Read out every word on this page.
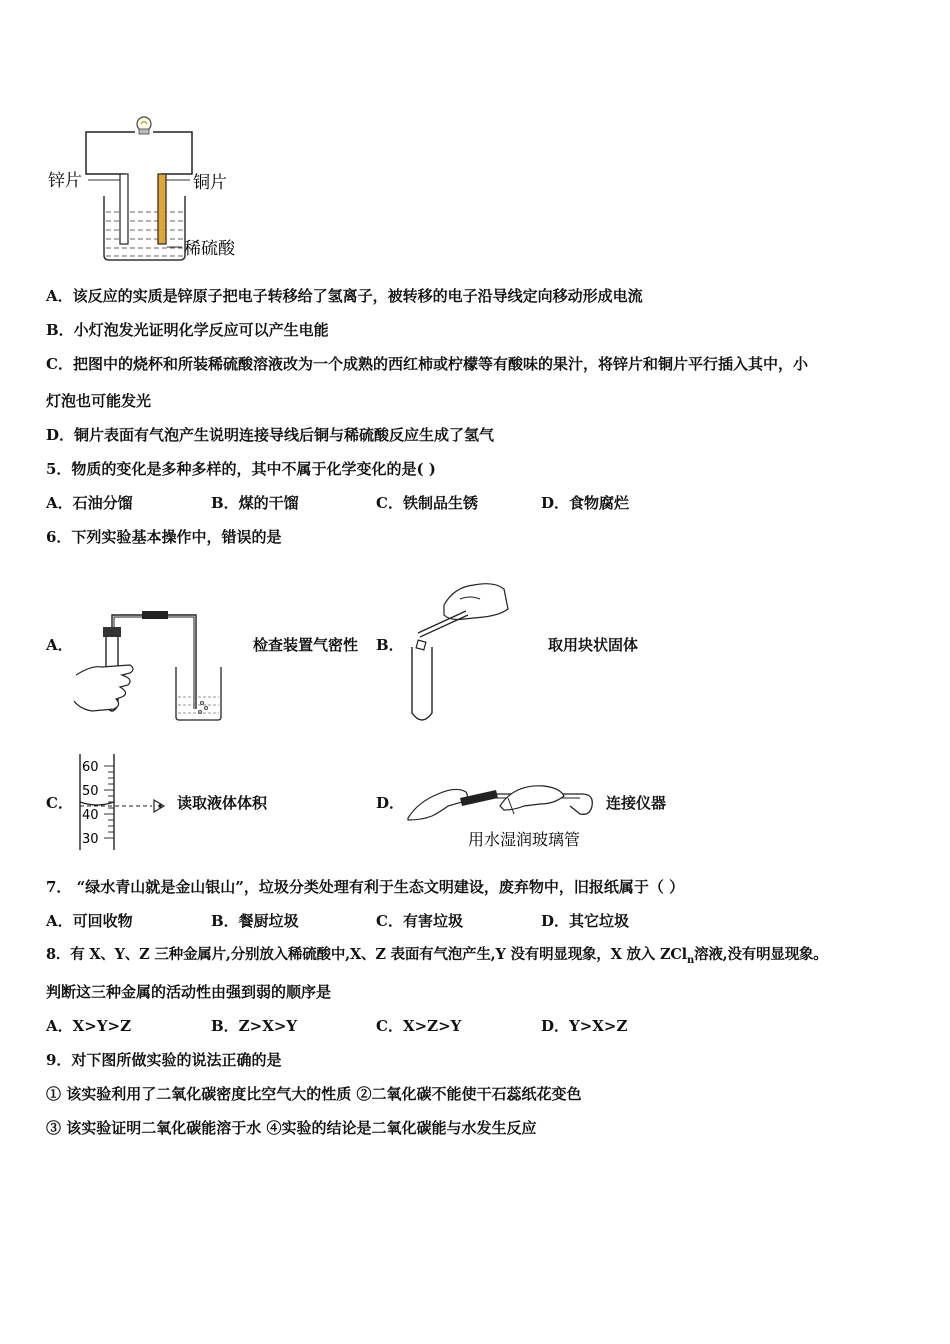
锌片	铜片
稀硫酸
A．该反应的实质是锌原子把电子转移给了氢离子，被转移的电子沿导线定向移动形成电流
B．小灯泡发光证明化学反应可以产生电能
C．把图中的烧杯和所装稀硫酸溶液改为一个成熟的西红柿或柠檬等有酸味的果汁，将锌片和铜片平行插入其中，小
灯泡也可能发光
D．铜片表面有气泡产生说明连接导线后铜与稀硫酸反应生成了氢气
5．物质的变化是多种多样的，其中不属于化学变化的是( )
A．石油分馏	B．煤的干馏	C．铁制品生锈	D．食物腐烂
6．下列实验基本操作中，错误的是
A．	检查装置气密性 B．	取用块状固体
C．
60
50
40
30
读取液体体积	D．
用水湿润玻璃管
连接仪器
7． “绿水青山就是金山银山”，垃圾分类处理有利于生态文明建设，废弃物中，旧报纸属于（ ）
A．可回收物	B．餐厨垃圾	C．有害垃圾	D．其它垃圾
8．有 X、Y、Z 三种金属片,分别放入稀硫酸中,X、Z 表面有气泡产生,Y 没有明显现象，X 放入 ZCl$_n$溶液,没有明显现象。
判断这三种金属的活动性由强到弱的顺序是
A．X>Y>Z	B．Z>X>Y	C．X>Z>Y	D．Y>X>Z
9．对下图所做实验的说法正确的是
① 该实验利用了二氧化碳密度比空气大的性质 ②二氧化碳不能使干石蕊纸花变色
③ 该实验证明二氧化碳能溶于水 ④实验的结论是二氧化碳能与水发生反应
